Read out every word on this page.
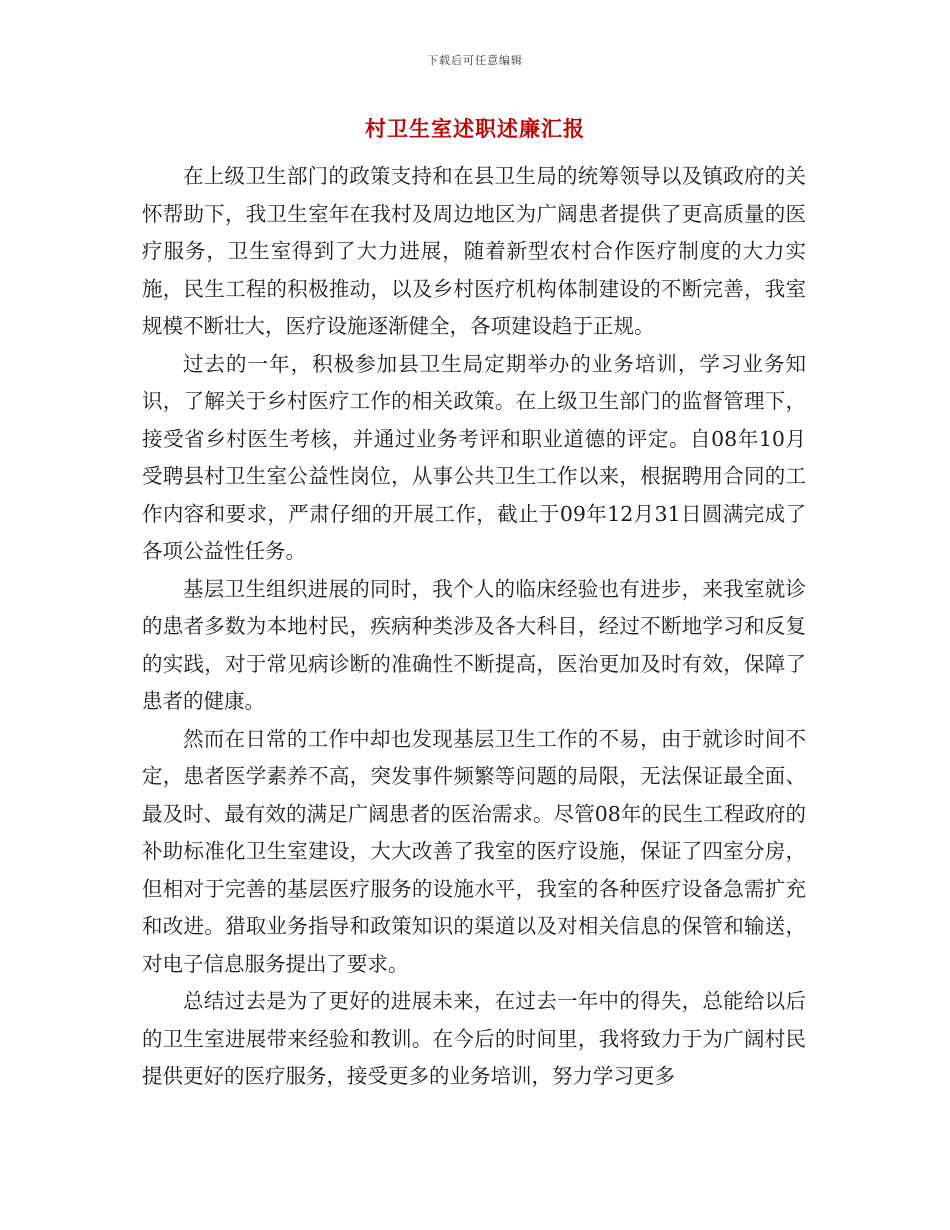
下载后可任意编辑
村卫生室述职述廉汇报

在上级卫生部门的政策支持和在县卫生局的统筹领导以及镇政府的关怀帮助下，我卫生室年在我村及周边地区为广阔患者提供了更高质量的医疗服务，卫生室得到了大力进展，随着新型农村合作医疗制度的大力实施，民生工程的积极推动，以及乡村医疗机构体制建设的不断完善，我室规模不断壮大，医疗设施逐渐健全，各项建设趋于正规。

过去的一年，积极参加县卫生局定期举办的业务培训，学习业务知识，了解关于乡村医疗工作的相关政策。在上级卫生部门的监督管理下，接受省乡村医生考核，并通过业务考评和职业道德的评定。自08年10月受聘县村卫生室公益性岗位，从事公共卫生工作以来，根据聘用合同的工作内容和要求，严肃仔细的开展工作，截止于09年12月31日圆满完成了各项公益性任务。

基层卫生组织进展的同时，我个人的临床经验也有进步，来我室就诊的患者多数为本地村民，疾病种类涉及各大科目，经过不断地学习和反复的实践，对于常见病诊断的准确性不断提高，医治更加及时有效，保障了患者的健康。

然而在日常的工作中却也发现基层卫生工作的不易，由于就诊时间不定，患者医学素养不高，突发事件频繁等问题的局限，无法保证最全面、最及时、最有效的满足广阔患者的医治需求。尽管08年的民生工程政府的补助标准化卫生室建设，大大改善了我室的医疗设施，保证了四室分房，但相对于完善的基层医疗服务的设施水平，我室的各种医疗设备急需扩充和改进。猎取业务指导和政策知识的渠道以及对相关信息的保管和输送，对电子信息服务提出了要求。

总结过去是为了更好的进展未来，在过去一年中的得失，总能给以后的卫生室进展带来经验和教训。在今后的时间里，我将致力于为广阔村民提供更好的医疗服务，接受更多的业务培训，努力学习更多
